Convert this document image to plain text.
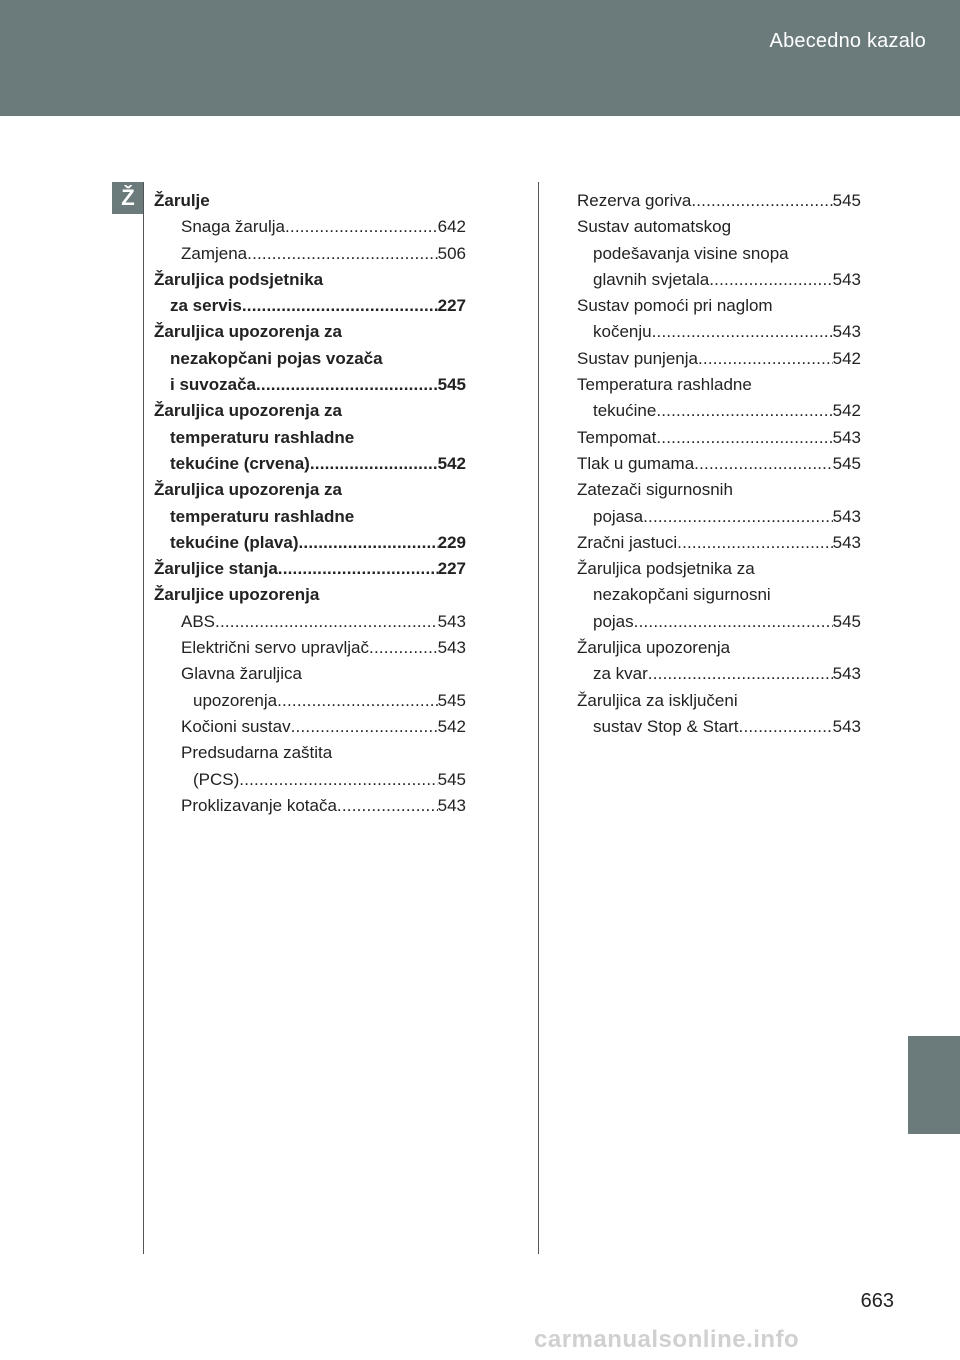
Abecedno kazalo
Ž	Žarulje
Snaga žarulja .....	642
Zamjena .....	506
Žaruljica podsjetnika
za servis .....	227
Žaruljica upozorenja za
nezakopčani pojas vozača
i suvozača .....	545
Žaruljica upozorenja za
temperaturu rashladne
tekućine (crvena) .....	542
Žaruljica upozorenja za
temperaturu rashladne
tekućine (plava) .....	229
Žaruljice stanja .....	227
Žaruljice upozorenja
ABS .....	543
Električni servo upravljač .....	543
Glavna žaruljica
upozorenja .....	545
Kočioni sustav .....	542
Predsudarna zaštita
(PCS) .....	545
Proklizavanje kotača .....	543
Rezerva goriva .....	545
Sustav automatskog
podešavanja visine snopa
glavnih svjetala .....	543
Sustav pomoći pri naglom
kočenju .....	543
Sustav punjenja .....	542
Temperatura rashladne
tekućine .....	542
Tempomat .....	543
Tlak u gumama .....	545
Zatezači sigurnosnih
pojasa .....	543
Zračni jastuci .....	543
Žaruljica podsjetnika za
nezakopčani sigurnosni
pojas .....	545
Žaruljica upozorenja
za kvar .....	543
Žaruljica za isključeni
sustav Stop & Start .....	543
663
carmanualsonline.info
